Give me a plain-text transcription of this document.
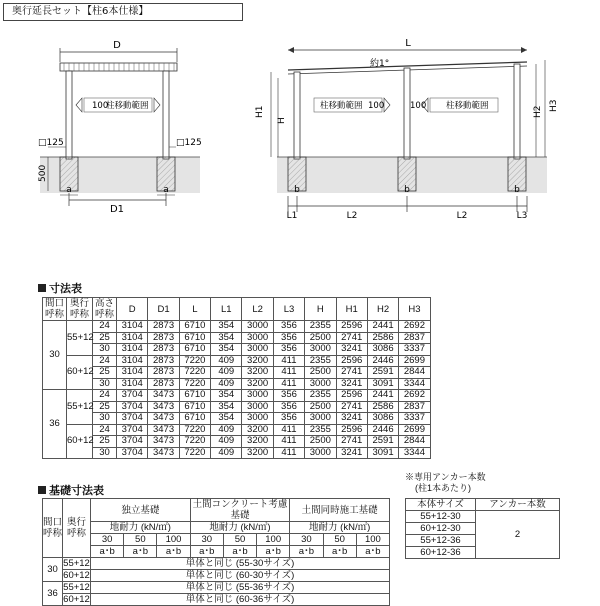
奥行延長セット【柱6本仕様】
D
D1
a	a
□125	□125
500
100
柱移動範囲
L
約1°
L1	L2	L2	L3
b	b	b
H1
H
H2 H3
柱移動範囲 100	100 柱移動範囲
寸法表
間口
呼称	奥行
呼称	高さ
呼称	D	D1	L	L1	L2	L3	H	H1	H2	H3
30	55+12	24	3104	2873	6710	354	3000	356	2355	2596	2441	2692
		25	3104	2873	6710	354	3000	356	2500	2741	2586	2837
		30	3104	2873	6710	354	3000	356	3000	3241	3086	3337
	60+12	24	3104	2873	7220	409	3200	411	2355	2596	2446	2699
		25	3104	2873	7220	409	3200	411	2500	2741	2591	2844
		30	3104	2873	7220	409	3200	411	3000	3241	3091	3344
36	55+12	24	3704	3473	6710	354	3000	356	2355	2596	2441	2692
		25	3704	3473	6710	354	3000	356	2500	2741	2586	2837
		30	3704	3473	6710	354	3000	356	3000	3241	3086	3337
	60+12	24	3704	3473	7220	409	3200	411	2355	2596	2446	2699
		25	3704	3473	7220	409	3200	411	2500	2741	2591	2844
		30	3704	3473	7220	409	3200	411	3000	3241	3091	3344
基礎寸法表
間口
呼称	奥行
呼称	独立基礎			土間コンクリート考慮基礎			土間同時施工基礎		
		地耐力 (kN/㎡)			地耐力 (kN/㎡)			地耐力 (kN/㎡)		
		30	50	100	30	50	100	30	50	100
		a･b	a･b	a･b	a･b	a･b	a･b	a･b	a･b	a･b
30	55+12	単体と同じ (55-30サイズ)								
	60+12	単体と同じ (60-30サイズ)								
36	55+12	単体と同じ (55-36サイズ)								
	60+12	単体と同じ (60-36サイズ)								
※専用アンカー本数
(柱1本あたり)
本体サイズ	アンカー本数
55+12-30	2
60+12-30	
55+12-36	
60+12-36	
